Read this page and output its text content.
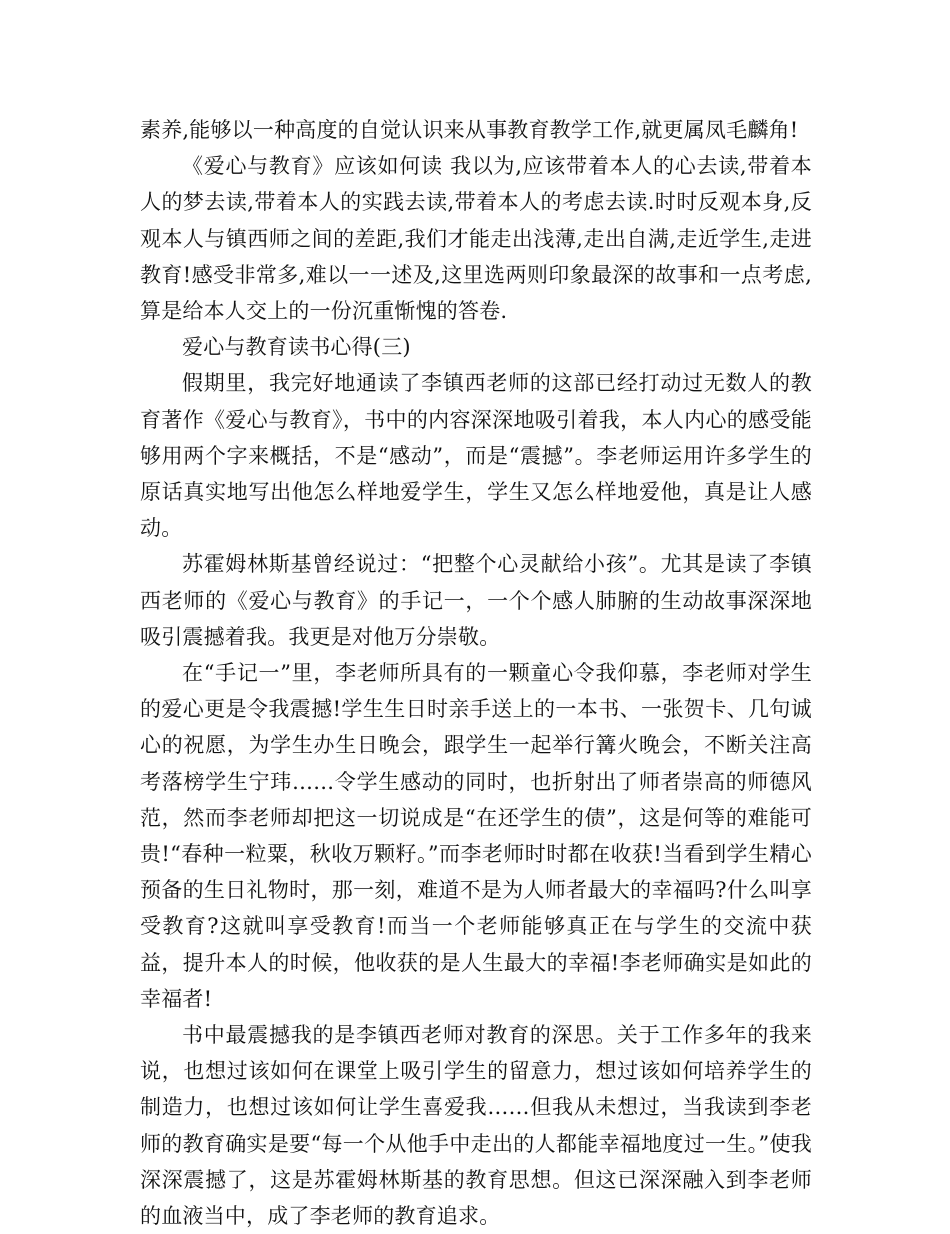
素养,能够以一种高度的自觉认识来从事教育教学工作,就更属凤毛麟角!

《爱心与教育》应该如何读 我以为,应该带着本人的心去读,带着本人的梦去读,带着本人的实践去读,带着本人的考虑去读.时时反观本身,反观本人与镇西师之间的差距,我们才能走出浅薄,走出自满,走近学生,走进教育!感受非常多,难以一一述及,这里选两则印象最深的故事和一点考虑,算是给本人交上的一份沉重惭愧的答卷.

爱心与教育读书心得(三)

假期里，我完好地通读了李镇西老师的这部已经打动过无数人的教育著作《爱心与教育》，书中的内容深深地吸引着我，本人内心的感受能够用两个字来概括，不是“感动”，而是“震撼”。李老师运用许多学生的原话真实地写出他怎么样地爱学生，学生又怎么样地爱他，真是让人感动。

苏霍姆林斯基曾经说过：“把整个心灵献给小孩”。尤其是读了李镇西老师的《爱心与教育》的手记一，一个个感人肺腑的生动故事深深地吸引震撼着我。我更是对他万分崇敬。

在“手记一”里，李老师所具有的一颗童心令我仰慕，李老师对学生的爱心更是令我震撼!学生生日时亲手送上的一本书、一张贺卡、几句诚心的祝愿，为学生办生日晚会，跟学生一起举行篝火晚会，不断关注高考落榜学生宁玮……令学生感动的同时，也折射出了师者崇高的师德风范，然而李老师却把这一切说成是“在还学生的债”，这是何等的难能可贵!“春种一粒粟，秋收万颗籽。”而李老师时时都在收获!当看到学生精心预备的生日礼物时，那一刻，难道不是为人师者最大的幸福吗?什么叫享受教育?这就叫享受教育!而当一个老师能够真正在与学生的交流中获益，提升本人的时候，他收获的是人生最大的幸福!李老师确实是如此的幸福者!

书中最震撼我的是李镇西老师对教育的深思。关于工作多年的我来说，也想过该如何在课堂上吸引学生的留意力，想过该如何培养学生的制造力，也想过该如何让学生喜爱我……但我从未想过，当我读到李老师的教育确实是要“每一个从他手中走出的人都能幸福地度过一生。”使我深深震撼了，这是苏霍姆林斯基的教育思想。但这已深深融入到李老师的血液当中，成了李老师的教育追求。
